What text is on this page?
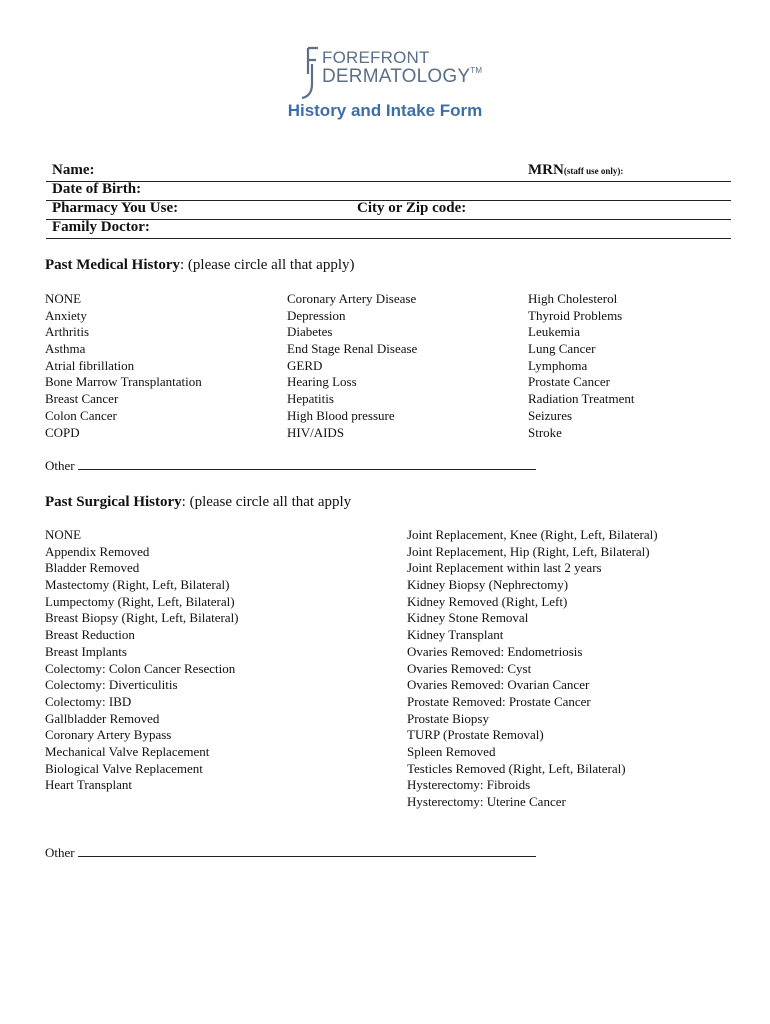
FOREFRONT
DERMATOLOGY™
History and Intake Form
Name:	MRN(staff use only):
Date of Birth:
Pharmacy You Use:	City or Zip code:
Family Doctor:
Past Medical History: (please circle all that apply)
NONE
Anxiety
Arthritis
Asthma
Atrial fibrillation
Bone Marrow Transplantation
Breast Cancer
Colon Cancer
COPD
Coronary Artery Disease
Depression
Diabetes
End Stage Renal Disease
GERD
Hearing Loss
Hepatitis
High Blood pressure
HIV/AIDS
High Cholesterol
Thyroid Problems
Leukemia
Lung Cancer
Lymphoma
Prostate Cancer
Radiation Treatment
Seizures
Stroke
Other
Past Surgical History: (please circle all that apply
NONE
Appendix Removed
Bladder Removed
Mastectomy (Right, Left, Bilateral)
Lumpectomy (Right, Left, Bilateral)
Breast Biopsy (Right, Left, Bilateral)
Breast Reduction
Breast Implants
Colectomy: Colon Cancer Resection
Colectomy: Diverticulitis
Colectomy: IBD
Gallbladder Removed
Coronary Artery Bypass
Mechanical Valve Replacement
Biological Valve Replacement
Heart Transplant
Joint Replacement, Knee (Right, Left, Bilateral)
Joint Replacement, Hip (Right, Left, Bilateral)
Joint Replacement within last 2 years
Kidney Biopsy (Nephrectomy)
Kidney Removed (Right, Left)
Kidney Stone Removal
Kidney Transplant
Ovaries Removed: Endometriosis
Ovaries Removed: Cyst
Ovaries Removed: Ovarian Cancer
Prostate Removed: Prostate Cancer
Prostate Biopsy
TURP (Prostate Removal)
Spleen Removed
Testicles Removed (Right, Left, Bilateral)
Hysterectomy: Fibroids
Hysterectomy: Uterine Cancer
Other
